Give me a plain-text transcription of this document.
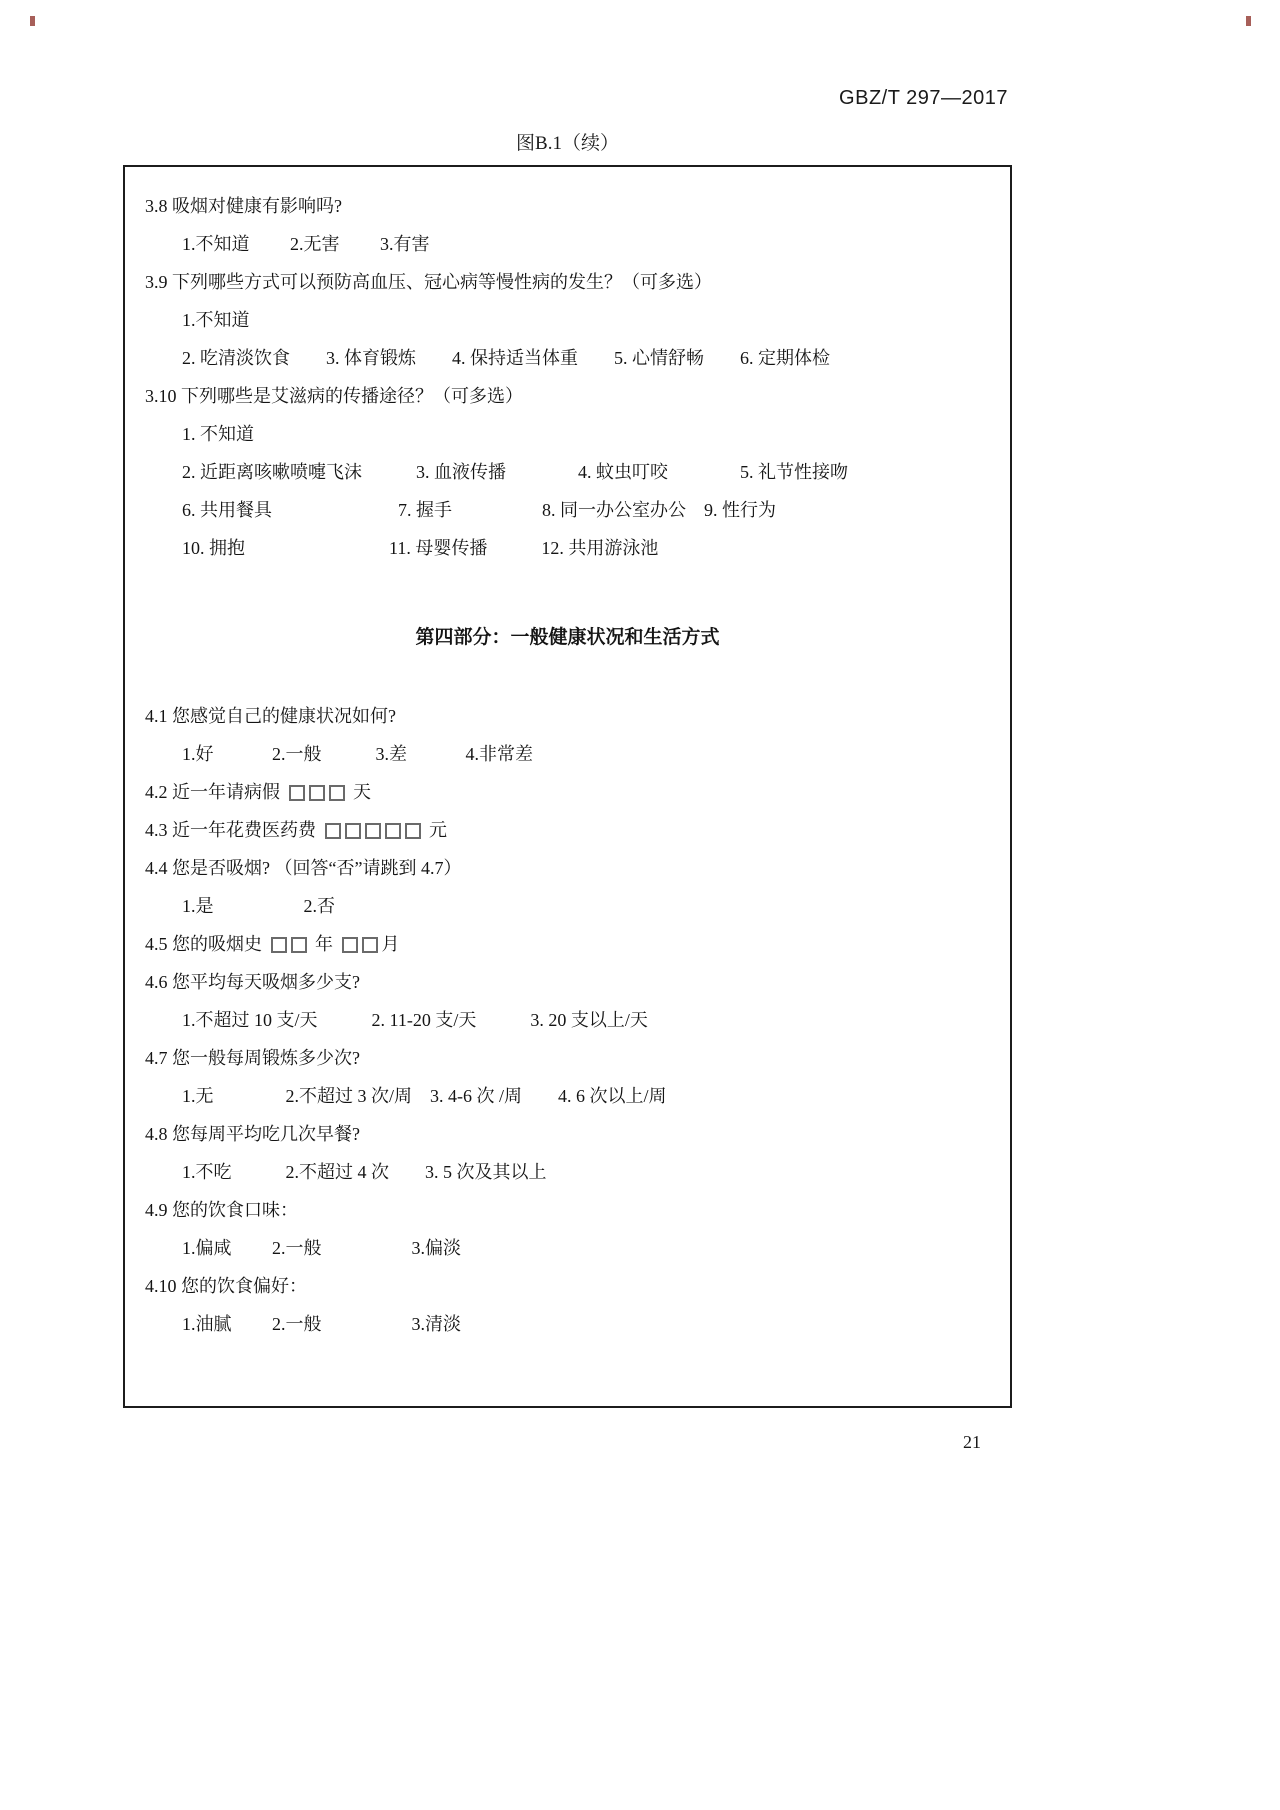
GBZ/T 297—2017
图B.1（续）
3.8 吸烟对健康有影响吗?
1.不知道　　 2.无害　　 3.有害
3.9 下列哪些方式可以预防高血压、冠心病等慢性病的发生？（可多选）
1.不知道
2. 吃清淡饮食　　3. 体育锻炼　　4. 保持适当体重　　5. 心情舒畅　　6. 定期体检
3.10 下列哪些是艾滋病的传播途径？（可多选）
1. 不知道
2. 近距离咳嗽喷嚏飞沫　　　3. 血液传播　　　　4. 蚊虫叮咬　　　　5. 礼节性接吻
6. 共用餐具　　　　　　　7. 握手　　　　　8. 同一办公室办公　9. 性行为
10. 拥抱　　　　　　　　11. 母婴传播　　　12. 共用游泳池
第四部分：一般健康状况和生活方式
4.1 您感觉自己的健康状况如何?
1.好　　　 2.一般　　　3.差　　　 4.非常差
4.2 近一年请病假	天
4.3 近一年花费医药费	元
4.4 您是否吸烟? （回答“否”请跳到 4.7）
1.是　　　　　2.否
4.5 您的吸烟史  年 月
4.6 您平均每天吸烟多少支?
1.不超过 10 支/天　　　2. 11-20 支/天　　　3. 20 支以上/天
4.7 您一般每周锻炼多少次?
1.无　　　　2.不超过 3 次/周　3. 4-6 次 /周　　4. 6 次以上/周
4.8 您每周平均吃几次早餐?
1.不吃　　　2.不超过 4 次　　3. 5 次及其以上
4.9 您的饮食口味：
1.偏咸　　 2.一般　　　　　3.偏淡
4.10 您的饮食偏好：
1.油腻　　 2.一般　　　　　3.清淡
21
